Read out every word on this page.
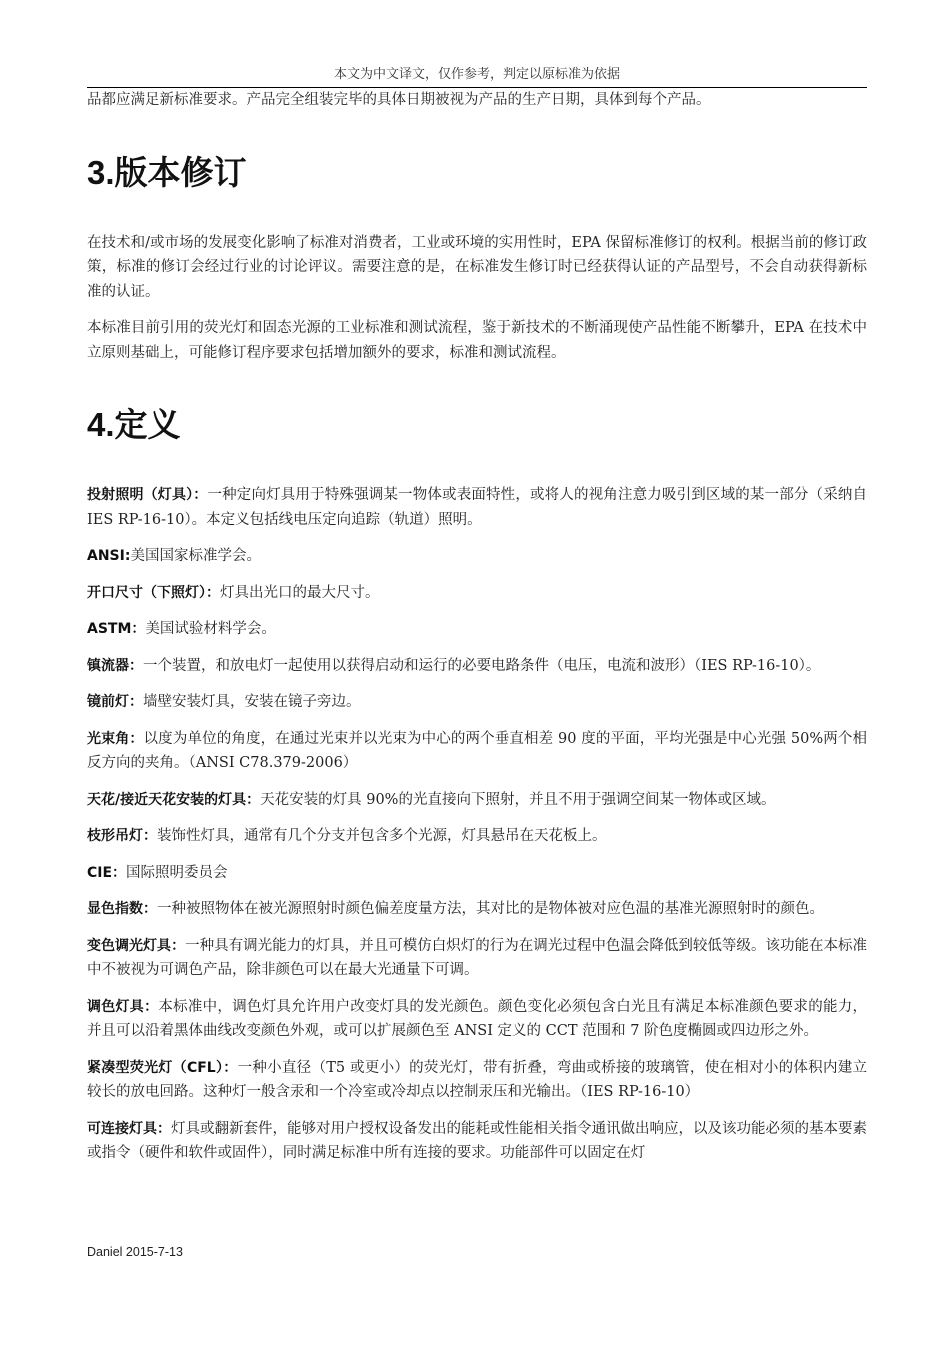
本文为中文译文，仅作参考，判定以原标准为依据

品都应满足新标准要求。产品完全组装完毕的具体日期被视为产品的生产日期，具体到每个产品。

3.版本修订

在技术和/或市场的发展变化影响了标准对消费者，工业或环境的实用性时，EPA 保留标准修订的权利。根据当前的修订政策，标准的修订会经过行业的讨论评议。需要注意的是，在标准发生修订时已经获得认证的产品型号，不会自动获得新标准的认证。

本标准目前引用的荧光灯和固态光源的工业标准和测试流程，鉴于新技术的不断涌现使产品性能不断攀升，EPA 在技术中立原则基础上，可能修订程序要求包括增加额外的要求，标准和测试流程。

4.定义

投射照明（灯具）：一种定向灯具用于特殊强调某一物体或表面特性，或将人的视角注意力吸引到区域的某一部分（采纳自 IES RP-16-10）。本定义包括线电压定向追踪（轨道）照明。

ANSI:美国国家标准学会。

开口尺寸（下照灯）：灯具出光口的最大尺寸。

ASTM：美国试验材料学会。

镇流器：一个装置，和放电灯一起使用以获得启动和运行的必要电路条件（电压，电流和波形）（IES RP-16-10）。

镜前灯：墙壁安装灯具，安装在镜子旁边。

光束角：以度为单位的角度，在通过光束并以光束为中心的两个垂直相差 90 度的平面，平均光强是中心光强 50%两个相反方向的夹角。（ANSI C78.379-2006）

天花/接近天花安装的灯具：天花安装的灯具 90%的光直接向下照射，并且不用于强调空间某一物体或区域。

枝形吊灯：装饰性灯具，通常有几个分支并包含多个光源，灯具悬吊在天花板上。

CIE：国际照明委员会

显色指数：一种被照物体在被光源照射时颜色偏差度量方法，其对比的是物体被对应色温的基准光源照射时的颜色。

变色调光灯具：一种具有调光能力的灯具，并且可模仿白炽灯的行为在调光过程中色温会降低到较低等级。该功能在本标准中不被视为可调色产品，除非颜色可以在最大光通量下可调。

调色灯具：本标准中，调色灯具允许用户改变灯具的发光颜色。颜色变化必须包含白光且有满足本标准颜色要求的能力，并且可以沿着黑体曲线改变颜色外观，或可以扩展颜色至 ANSI 定义的 CCT 范围和 7 阶色度椭圆或四边形之外。

紧凑型荧光灯（CFL）：一种小直径（T5 或更小）的荧光灯，带有折叠，弯曲或桥接的玻璃管，使在相对小的体积内建立较长的放电回路。这种灯一般含汞和一个冷室或冷却点以控制汞压和光输出。（IES RP-16-10）

可连接灯具：灯具或翻新套件，能够对用户授权设备发出的能耗或性能相关指令通讯做出响应，以及该功能必须的基本要素或指令（硬件和软件或固件），同时满足标准中所有连接的要求。功能部件可以固定在灯

Daniel 2015-7-13
